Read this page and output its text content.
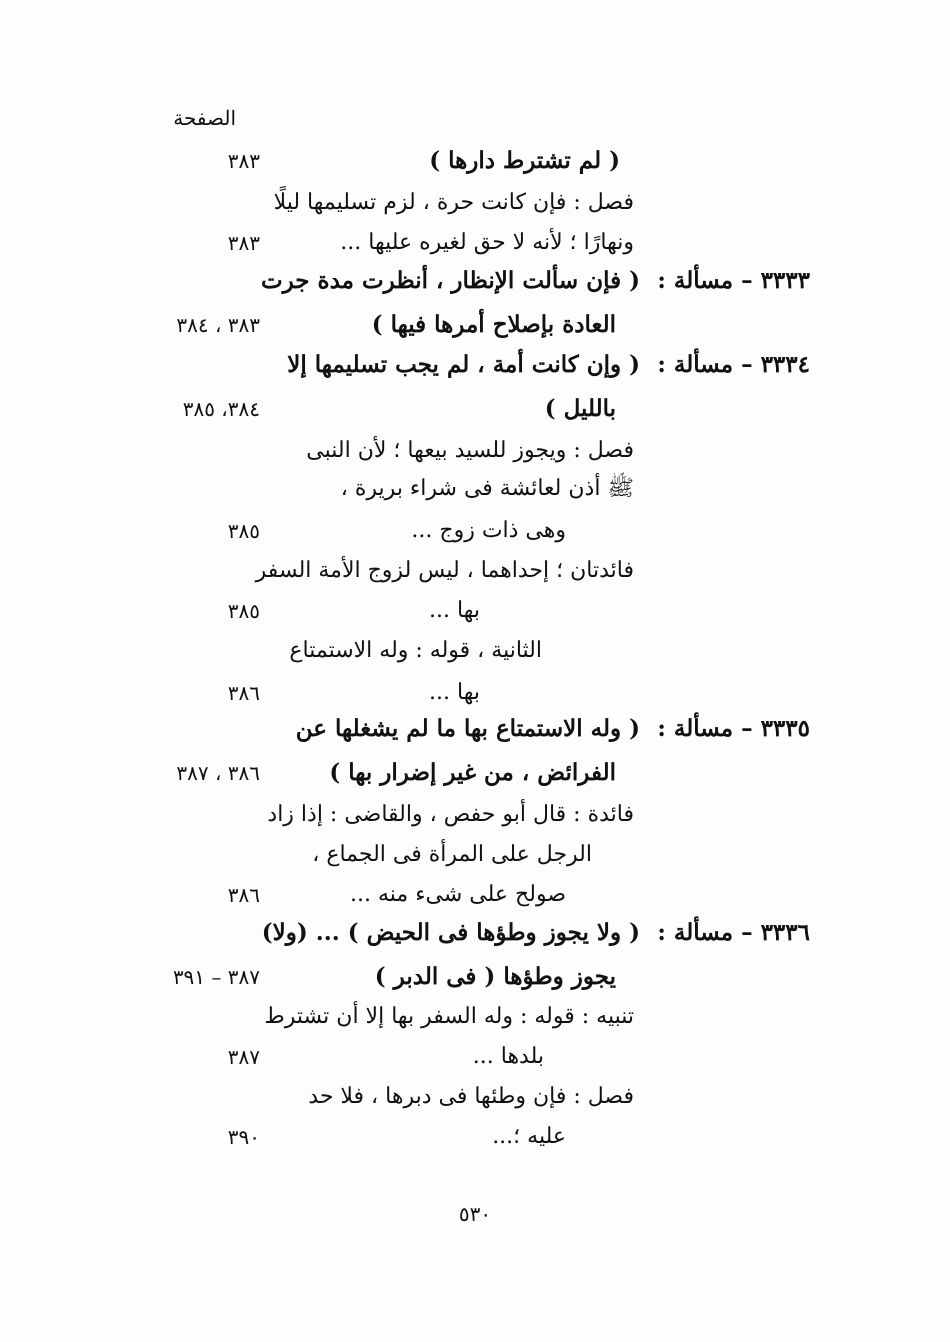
الصفحة
( لم تشترط دارها )
٣٨٣
فصل : فإن كانت حرة ، لزم تسليمها ليلًا
ونهارًا ؛ لأنه لا حق لغيره عليها ...
٣٨٣
٣٣٣٣ – مسألة :
( فإن سألت الإنظار ، أنظرت مدة جرت
العادة بإصلاح أمرها فيها )
٣٨٣ ، ٣٨٤
٣٣٣٤ – مسألة :
( وإن كانت أمة ، لم يجب تسليمها إلا
بالليل )
٣٨٤، ٣٨٥
فصل : ويجوز للسيد بيعها ؛ لأن النبى
ﷺ أذن لعائشة فى شراء بريرة ،
وهى ذات زوج ...
٣٨٥
فائدتان ؛ إحداهما ، ليس لزوج الأمة السفر
بها ...
٣٨٥
الثانية ، قوله : وله الاستمتاع
بها ...
٣٨٦
٣٣٣٥ – مسألة :
( وله الاستمتاع بها ما لم يشغلها عن
الفرائض ، من غير إضرار بها )
٣٨٦ ، ٣٨٧
فائدة : قال أبو حفص ، والقاضى : إذا زاد
الرجل على المرأة فى الجماع ،
صولح على شىء منه ...
٣٨٦
٣٣٣٦ – مسألة :
( ولا يجوز وطؤها فى الحيض ) ... (ولا)
يجوز وطؤها ( فى الدبر )
٣٨٧ – ٣٩١
تنبيه : قوله : وله السفر بها إلا أن تشترط
بلدها ...
٣٨٧
فصل : فإن وطئها فى دبرها ، فلا حد
عليه ؛...
٣٩٠
٥٣٠
